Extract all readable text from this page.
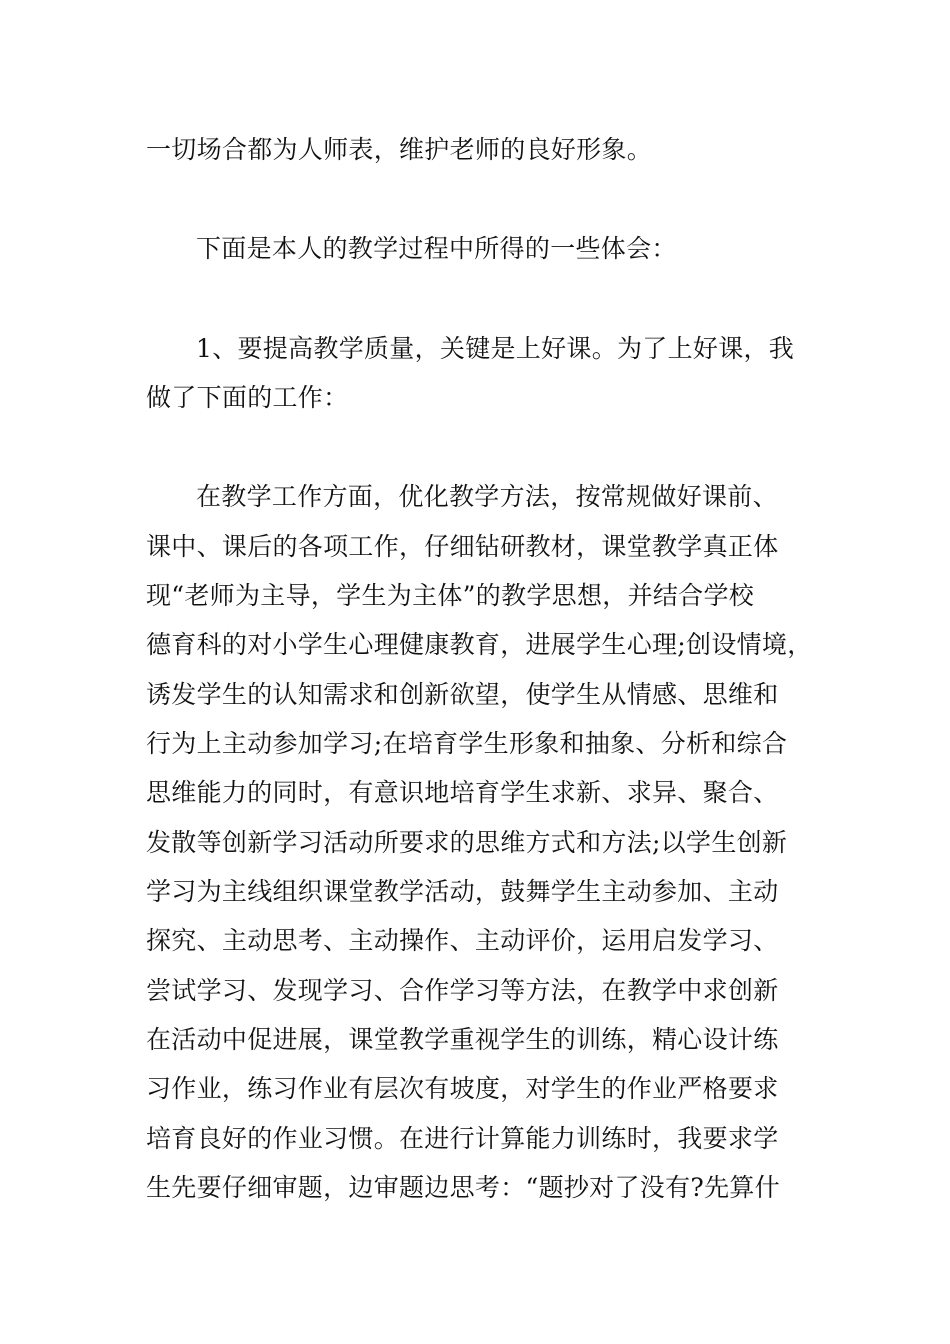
一切场合都为人师表，维护老师的良好形象。
下面是本人的教学过程中所得的一些体会：
1、要提高教学质量，关键是上好课。为了上好课，我
做了下面的工作：
在教学工作方面，优化教学方法，按常规做好课前、
课中、课后的各项工作，仔细钻研教材，课堂教学真正体
现“老师为主导，学生为主体”的教学思想，并结合学校
德育科的对小学生心理健康教育，进展学生心理;创设情境，
诱发学生的认知需求和创新欲望，使学生从情感、思维和
行为上主动参加学习;在培育学生形象和抽象、分析和综合
思维能力的同时，有意识地培育学生求新、求异、聚合、
发散等创新学习活动所要求的思维方式和方法;以学生创新
学习为主线组织课堂教学活动，鼓舞学生主动参加、主动
探究、主动思考、主动操作、主动评价，运用启发学习、
尝试学习、发现学习、合作学习等方法，在教学中求创新
在活动中促进展，课堂教学重视学生的训练，精心设计练
习作业，练习作业有层次有坡度，对学生的作业严格要求
培育良好的作业习惯。在进行计算能力训练时，我要求学
生先要仔细审题，边审题边思考：“题抄对了没有?先算什
